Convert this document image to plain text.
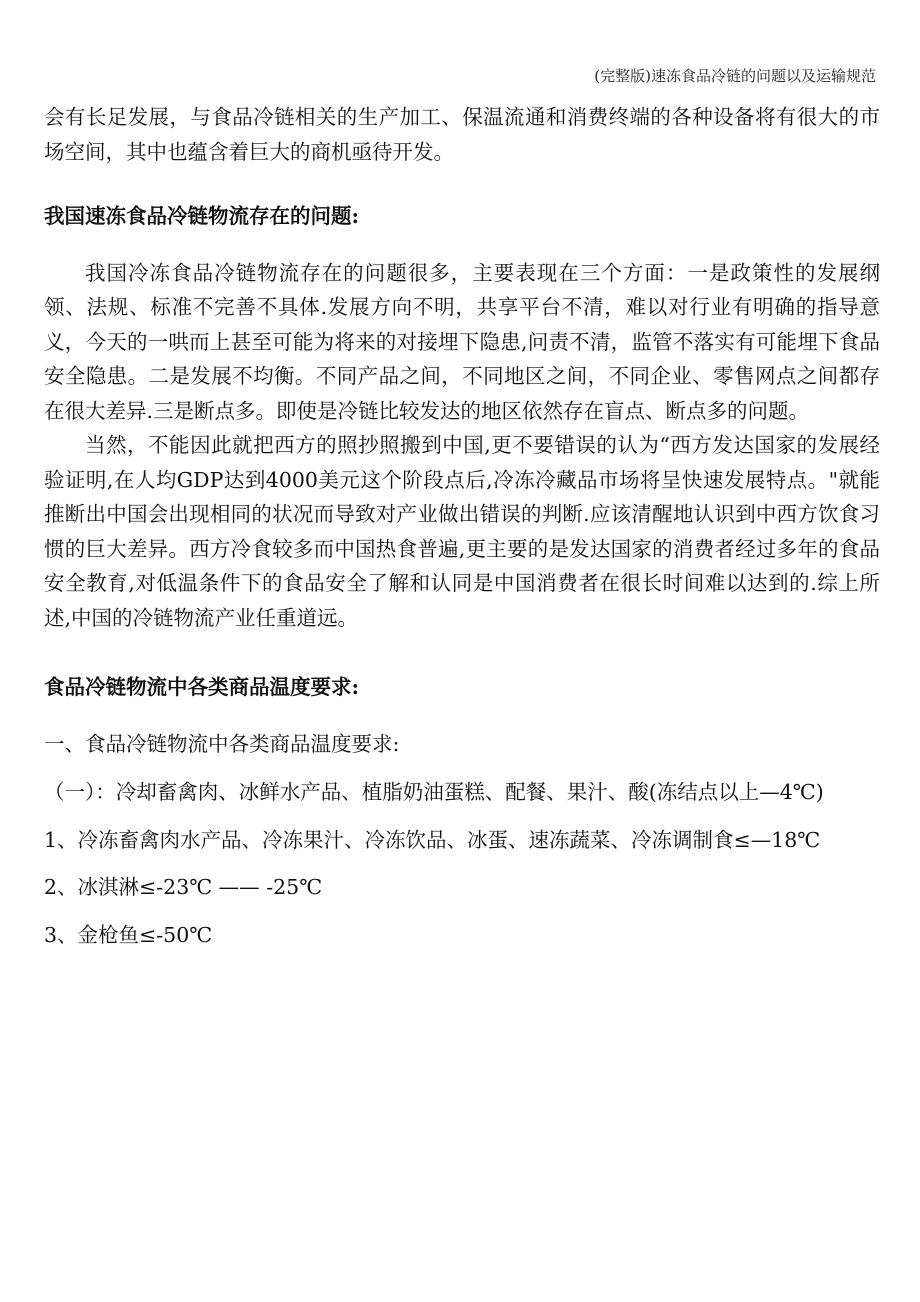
(完整版)速冻食品冷链的问题以及运输规范

会有长足发展，与食品冷链相关的生产加工、保温流通和消费终端的各种设备将有很大的市场空间，其中也蕴含着巨大的商机亟待开发。

我国速冻食品冷链物流存在的问题:

我国冷冻食品冷链物流存在的问题很多，主要表现在三个方面：一是政策性的发展纲领、法规、标准不完善不具体.发展方向不明，共享平台不清，难以对行业有明确的指导意义，今天的一哄而上甚至可能为将来的对接埋下隐患,问责不清，监管不落实有可能埋下食品安全隐患。二是发展不均衡。不同产品之间，不同地区之间，不同企业、零售网点之间都存在很大差异.三是断点多。即使是冷链比较发达的地区依然存在盲点、断点多的问题。

当然，不能因此就把西方的照抄照搬到中国,更不要错误的认为“西方发达国家的发展经验证明,在人均GDP达到4000美元这个阶段点后,冷冻冷藏品市场将呈快速发展特点。"就能推断出中国会出现相同的状况而导致对产业做出错误的判断.应该清醒地认识到中西方饮食习惯的巨大差异。西方冷食较多而中国热食普遍,更主要的是发达国家的消费者经过多年的食品安全教育,对低温条件下的食品安全了解和认同是中国消费者在很长时间难以达到的.综上所述,中国的冷链物流产业任重道远。

食品冷链物流中各类商品温度要求:

一、食品冷链物流中各类商品温度要求:

（一）：冷却畜禽肉、冰鲜水产品、植脂奶油蛋糕、配餐、果汁、酸(冻结点以上—4℃)

1、冷冻畜禽肉水产品、冷冻果汁、冷冻饮品、冰蛋、速冻蔬菜、冷冻调制食≤—18℃

2、冰淇淋≤-23℃ —— -25℃

3、金枪鱼≤-50℃
